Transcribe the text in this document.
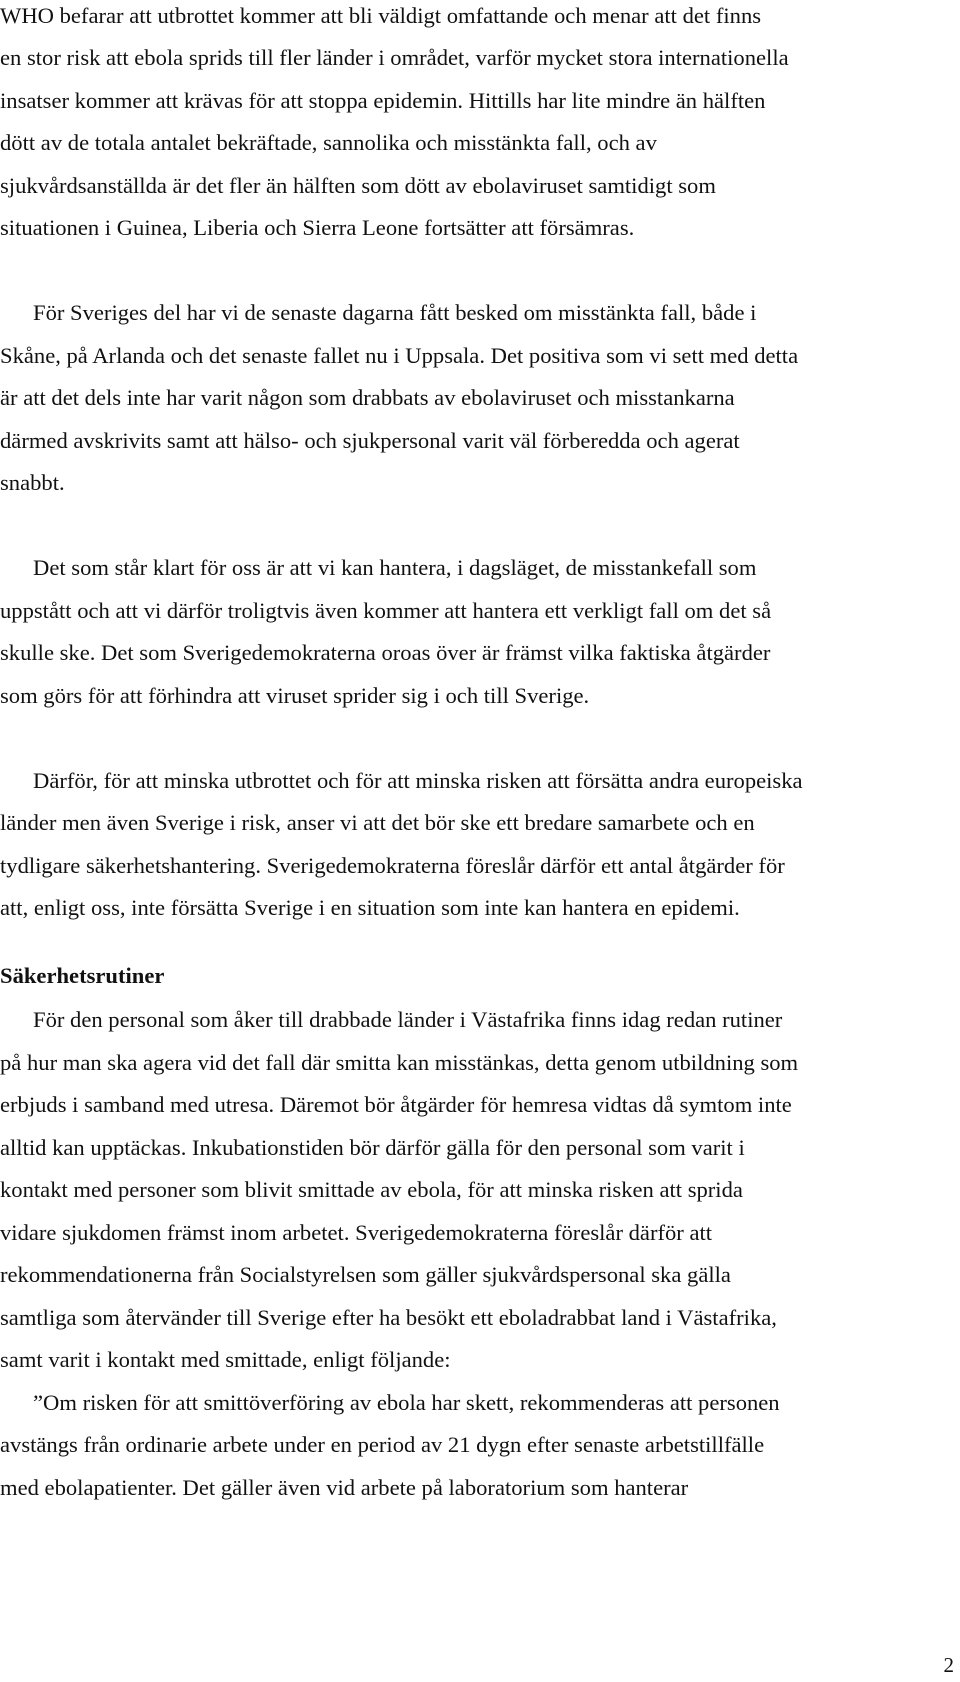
WHO befarar att utbrottet kommer att bli väldigt omfattande och menar att det finns
en stor risk att ebola sprids till fler länder i området, varför mycket stora internationella
insatser kommer att krävas för att stoppa epidemin. Hittills har lite mindre än hälften
dött av de totala antalet bekräftade, sannolika och misstänkta fall, och av
sjukvårdsanställda är det fler än hälften som dött av ebolaviruset samtidigt som
situationen i Guinea, Liberia och Sierra Leone fortsätter att försämras.
För Sveriges del har vi de senaste dagarna fått besked om misstänkta fall, både i
Skåne, på Arlanda och det senaste fallet nu i Uppsala. Det positiva som vi sett med detta
är att det dels inte har varit någon som drabbats av ebolaviruset och misstankarna
därmed avskrivits samt att hälso- och sjukpersonal varit väl förberedda och agerat
snabbt.
Det som står klart för oss är att vi kan hantera, i dagsläget, de misstankefall som
uppstått och att vi därför troligtvis även kommer att hantera ett verkligt fall om det så
skulle ske. Det som Sverigedemokraterna oroas över är främst vilka faktiska åtgärder
som görs för att förhindra att viruset sprider sig i och till Sverige.
Därför, för att minska utbrottet och för att minska risken att försätta andra europeiska
länder men även Sverige i risk, anser vi att det bör ske ett bredare samarbete och en
tydligare säkerhetshantering. Sverigedemokraterna föreslår därför ett antal åtgärder för
att, enligt oss, inte försätta Sverige i en situation som inte kan hantera en epidemi.
Säkerhetsrutiner
För den personal som åker till drabbade länder i Västafrika finns idag redan rutiner
på hur man ska agera vid det fall där smitta kan misstänkas, detta genom utbildning som
erbjuds i samband med utresa. Däremot bör åtgärder för hemresa vidtas då symtom inte
alltid kan upptäckas. Inkubationstiden bör därför gälla för den personal som varit i
kontakt med personer som blivit smittade av ebola, för att minska risken att sprida
vidare sjukdomen främst inom arbetet. Sverigedemokraterna föreslår därför att
rekommendationerna från Socialstyrelsen som gäller sjukvårdspersonal ska gälla
samtliga som återvänder till Sverige efter ha besökt ett eboladrabbat land i Västafrika,
samt varit i kontakt med smittade, enligt följande:
”Om risken för att smittöverföring av ebola har skett, rekommenderas att personen
avstängs från ordinarie arbete under en period av 21 dygn efter senaste arbetstillfälle
med ebolapatienter. Det gäller även vid arbete på laboratorium som hanterar
2
